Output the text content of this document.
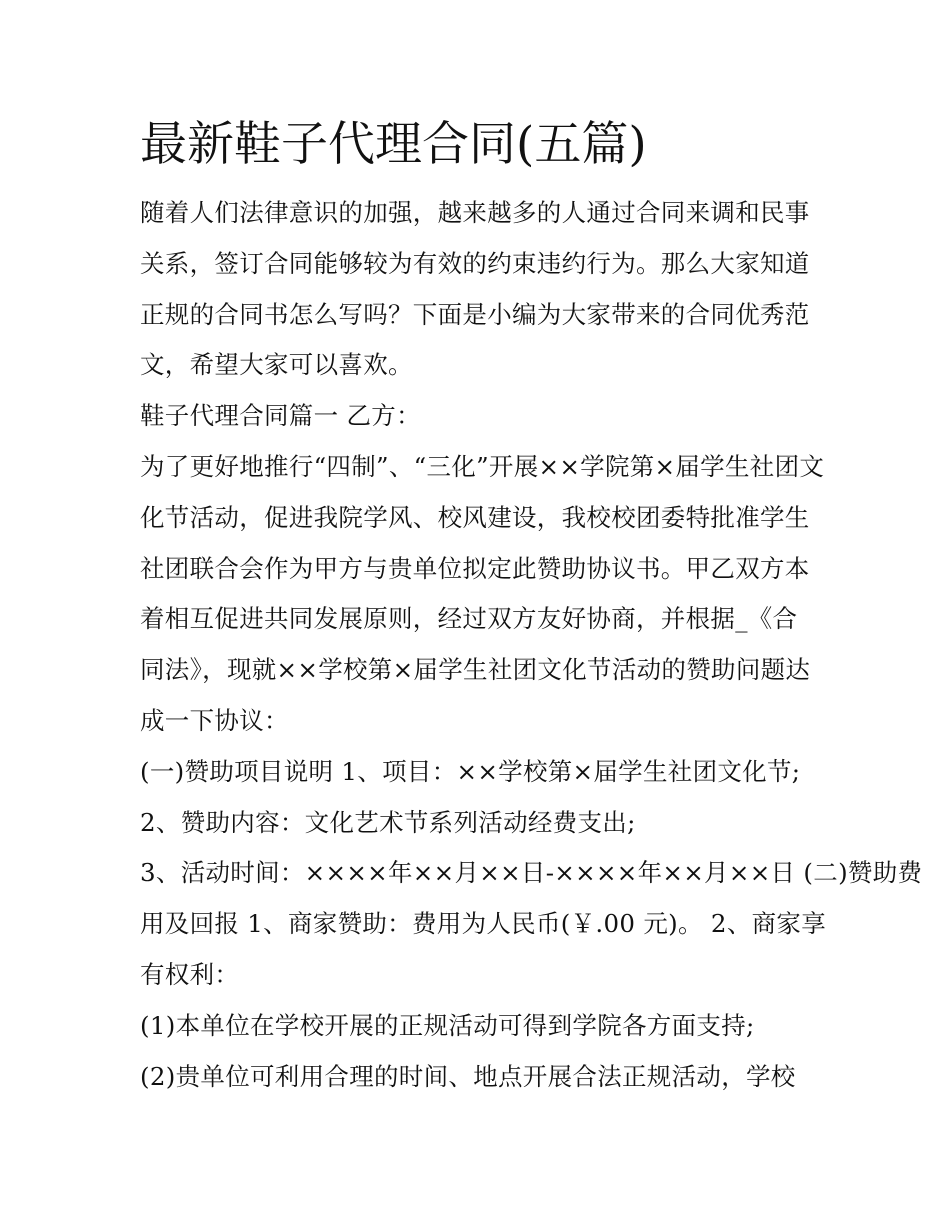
最新鞋子代理合同(五篇)
随着人们法律意识的加强，越来越多的人通过合同来调和民事
关系，签订合同能够较为有效的约束违约行为。那么大家知道
正规的合同书怎么写吗？下面是小编为大家带来的合同优秀范
文，希望大家可以喜欢。
鞋子代理合同篇一 乙方：
为了更好地推行“四制”、“三化”开展××学院第×届学生社团文
化节活动，促进我院学风、校风建设，我校校团委特批准学生
社团联合会作为甲方与贵单位拟定此赞助协议书。甲乙双方本
着相互促进共同发展原则，经过双方友好协商，并根据_《合
同法》，现就××学校第×届学生社团文化节活动的赞助问题达
成一下协议：
(一)赞助项目说明 1、项目：××学校第×届学生社团文化节;
2、赞助内容：文化艺术节系列活动经费支出;
3、活动时间：××××年××月××日-××××年××月××日 (二)赞助费
用及回报 1、商家赞助：费用为人民币(￥.00 元)。 2、商家享
有权利：
(1)本单位在学校开展的正规活动可得到学院各方面支持;
(2)贵单位可利用合理的时间、地点开展合法正规活动，学校
